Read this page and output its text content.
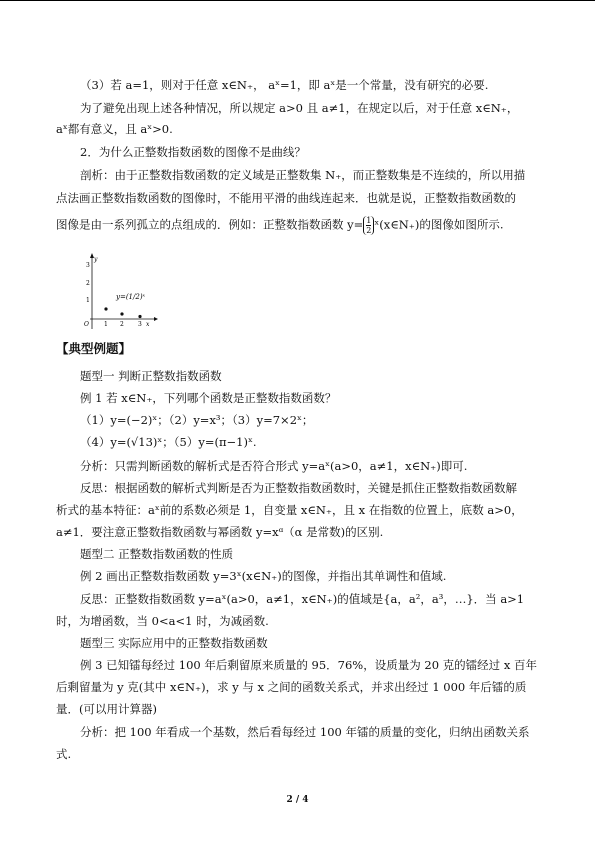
（3）若 a=1，则对于任意 x∈N₊， aˣ=1，即 aˣ是一个常量，没有研究的必要.
为了避免出现上述各种情况，所以规定 a>0 且 a≠1，在规定以后，对于任意 x∈N₊，
aˣ都有意义，且 aˣ>0.
2．为什么正整数指数函数的图像不是曲线？
剖析：由于正整数指数函数的定义域是正整数集 N₊，而正整数集是不连续的，所以用描
点法画正整数指数函数的图像时，不能用平滑的曲线连起来．也就是说，正整数指数函数的
图像是由一系列孤立的点组成的．例如：正整数指数函数 $y= \frac{1}{2}$ ˣ(x∈N₊)的图像如图所示.
3
2
1
y
O	1 2 3 x
y=(1/2)ˣ
【典型例题】
题型一 判断正整数指数函数
例 1 若 x∈N₊，下列哪个函数是正整数指数函数？
（1）y=(−2)ˣ；（2）y=x³；（3）y=7×2ˣ；
（4）y=(√13)ˣ；（5）y=(π−1)ˣ.
分析：只需判断函数的解析式是否符合形式 y=aˣ(a>0，a≠1，x∈N₊)即可.
反思：根据函数的解析式判断是否为正整数指数函数时，关键是抓住正整数指数函数解
析式的基本特征：aˣ前的系数必须是 1，自变量 x∈N₊，且 x 在指数的位置上，底数 a>0，
a≠1．要注意正整数指数函数与幂函数 y=xᵅ（α 是常数)的区别.
题型二 正整数指数函数的性质
例 2 画出正整数指数函数 y=3ˣ(x∈N₊)的图像，并指出其单调性和值域.
反思：正整数指数函数 y=aˣ(a>0，a≠1，x∈N₊)的值域是{a，a²，a³，…}．当 a>1
时，为增函数，当 0<a<1 时，为减函数.
题型三 实际应用中的正整数指数函数
例 3 已知镭每经过 100 年后剩留原来质量的 95．76%，设质量为 20 克的镭经过 x 百年
后剩留量为 y 克(其中 x∈N₊)，求 y 与 x 之间的函数关系式，并求出经过 1 000 年后镭的质
量．(可以用计算器)
分析：把 100 年看成一个基数，然后看每经过 100 年镭的质量的变化，归纳出函数关系
式.
2 / 4
